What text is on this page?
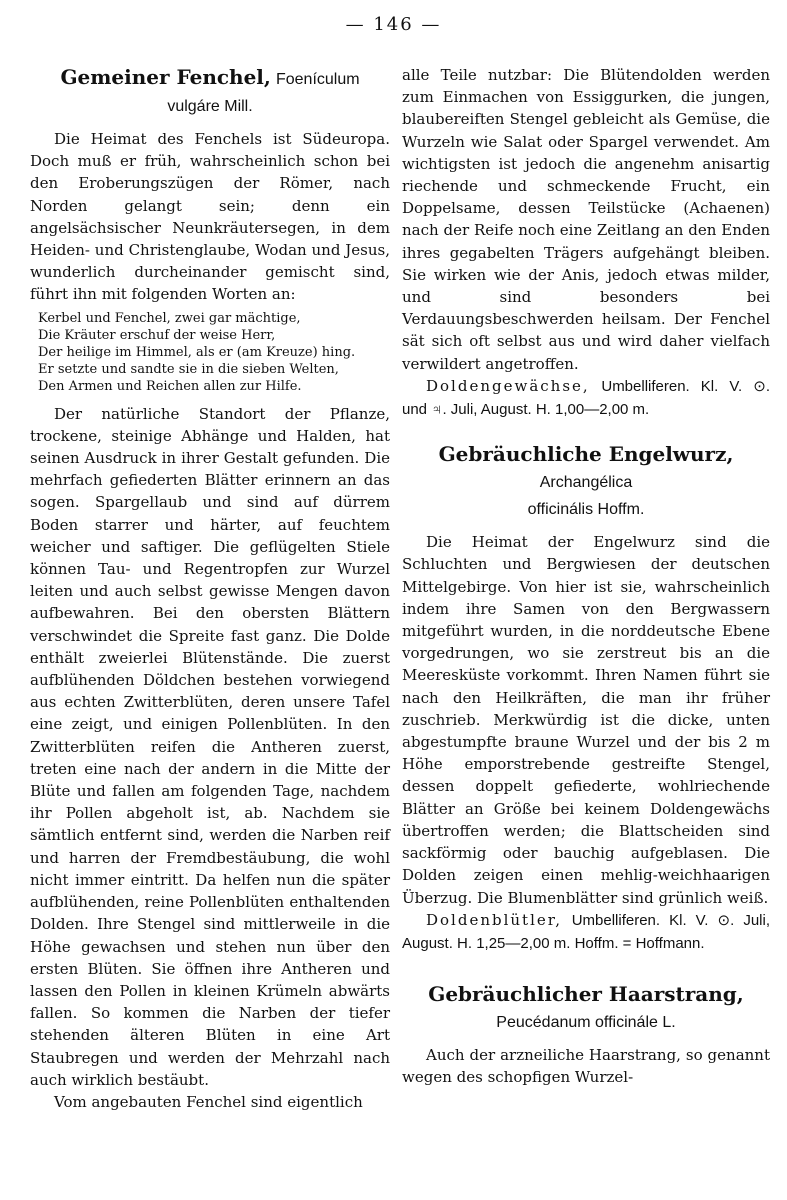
— 146 —
Gemeiner Fenchel, Foenículum
vulgáre Mill.

Die Heimat des Fenchels ist Südeuropa. Doch muß er früh, wahrscheinlich schon bei den Eroberungszügen der Römer, nach Norden gelangt sein; denn ein angelsächsischer Neunkräutersegen, in dem Heiden- und Christenglaube, Wodan und Jesus, wunderlich durcheinander gemischt sind, führt ihn mit folgenden Worten an:

Kerbel und Fenchel, zwei gar mächtige,
Die Kräuter erschuf der weise Herr,
Der heilige im Himmel, als er (am Kreuze) hing.
Er setzte und sandte sie in die sieben Welten,
Den Armen und Reichen allen zur Hilfe.

Der natürliche Standort der Pflanze, trockene, steinige Abhänge und Halden, hat seinen Ausdruck in ihrer Gestalt gefunden. Die mehrfach gefiederten Blätter erinnern an das sogen. Spargellaub und sind auf dürrem Boden starrer und härter, auf feuchtem weicher und saftiger. Die geflügelten Stiele können Tau- und Regentropfen zur Wurzel leiten und auch selbst gewisse Mengen davon aufbewahren. Bei den obersten Blättern verschwindet die Spreite fast ganz. Die Dolde enthält zweierlei Blütenstände. Die zuerst aufblühenden Döldchen bestehen vorwiegend aus echten Zwitterblüten, deren unsere Tafel eine zeigt, und einigen Pollenblüten. In den Zwitterblüten reifen die Antheren zuerst, treten eine nach der andern in die Mitte der Blüte und fallen am folgenden Tage, nachdem ihr Pollen abgeholt ist, ab. Nachdem sie sämtlich entfernt sind, werden die Narben reif und harren der Fremdbestäubung, die wohl nicht immer eintritt. Da helfen nun die später aufblühenden, reine Pollenblüten enthaltenden Dolden. Ihre Stengel sind mittlerweile in die Höhe gewachsen und stehen nun über den ersten Blüten. Sie öffnen ihre Antheren und lassen den Pollen in kleinen Krümeln abwärts fallen. So kommen die Narben der tiefer stehenden älteren Blüten in eine Art Staubregen und werden der Mehrzahl nach auch wirklich bestäubt.

Vom angebauten Fenchel sind eigentlich

alle Teile nutzbar: Die Blütendolden werden zum Einmachen von Essiggurken, die jungen, blaubereiften Stengel gebleicht als Gemüse, die Wurzeln wie Salat oder Spargel verwendet. Am wichtigsten ist jedoch die angenehm anisartig riechende und schmeckende Frucht, ein Doppelsame, dessen Teilstücke (Achaenen) nach der Reife noch eine Zeitlang an den Enden ihres gegabelten Trägers aufgehängt bleiben. Sie wirken wie der Anis, jedoch etwas milder, und sind besonders bei Verdauungsbeschwerden heilsam. Der Fenchel sät sich oft selbst aus und wird daher vielfach verwildert angetroffen.

Doldengewächse, Umbelliferen. Kl. V. ⊙. und ♃. Juli, August. H. 1,00—2,00 m.

Gebräuchliche Engelwurz, Archangélica
officinális Hoffm.

Die Heimat der Engelwurz sind die Schluchten und Bergwiesen der deutschen Mittelgebirge. Von hier ist sie, wahrscheinlich indem ihre Samen von den Bergwassern mitgeführt wurden, in die norddeutsche Ebene vorgedrungen, wo sie zerstreut bis an die Meeresküste vorkommt. Ihren Namen führt sie nach den Heilkräften, die man ihr früher zuschrieb. Merkwürdig ist die dicke, unten abgestumpfte braune Wurzel und der bis 2 m Höhe emporstrebende gestreifte Stengel, dessen doppelt gefiederte, wohlriechende Blätter an Größe bei keinem Doldengewächs übertroffen werden; die Blattscheiden sind sackförmig oder bauchig aufgeblasen. Die Dolden zeigen einen mehlig-weichhaarigen Überzug. Die Blumenblätter sind grünlich weiß.

Doldenblütler, Umbelliferen. Kl. V. ⊙. Juli, August. H. 1,25—2,00 m. Hoffm. = Hoffmann.

Gebräuchlicher Haarstrang,
Peucédanum officinále L.

Auch der arzneiliche Haarstrang, so genannt wegen des schopfigen Wurzel-
